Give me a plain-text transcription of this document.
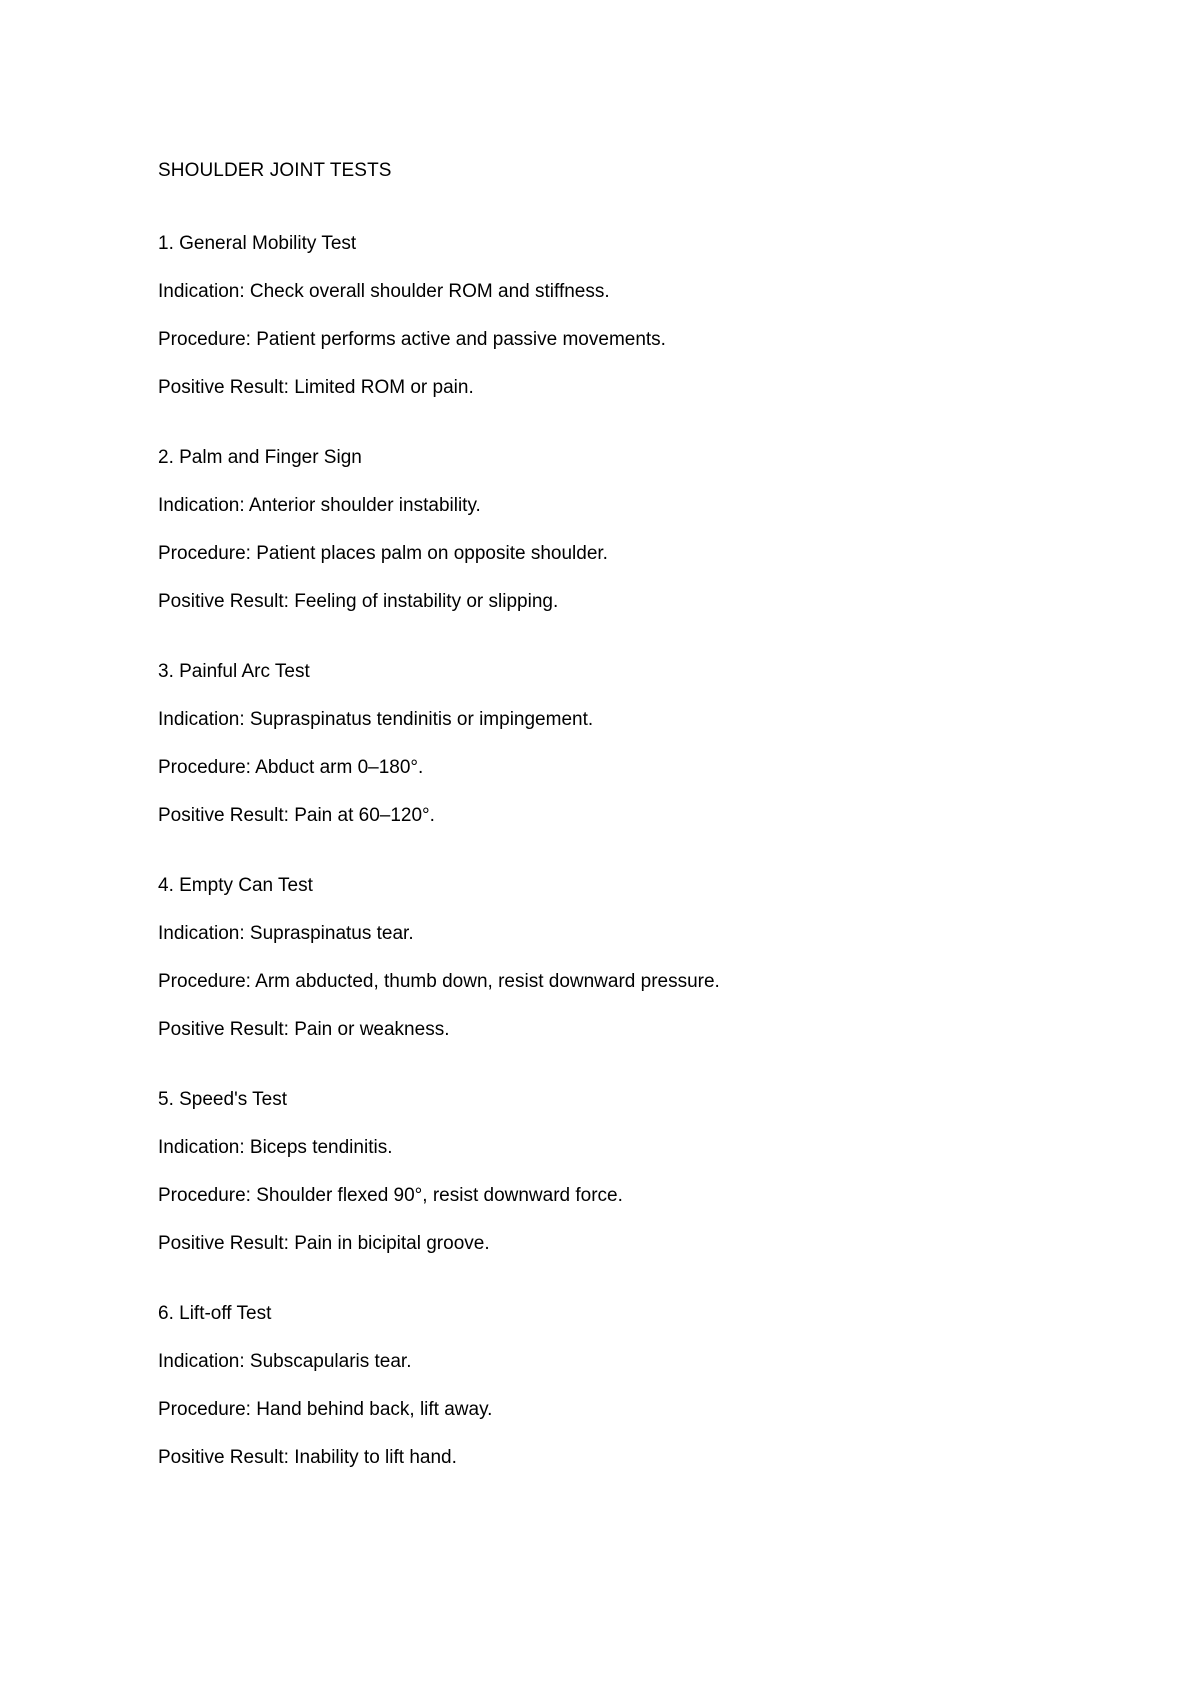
SHOULDER JOINT TESTS
1. General Mobility Test
Indication: Check overall shoulder ROM and stiffness.
Procedure: Patient performs active and passive movements.
Positive Result: Limited ROM or pain.
2. Palm and Finger Sign
Indication: Anterior shoulder instability.
Procedure: Patient places palm on opposite shoulder.
Positive Result: Feeling of instability or slipping.
3. Painful Arc Test
Indication: Supraspinatus tendinitis or impingement.
Procedure: Abduct arm 0–180°.
Positive Result: Pain at 60–120°.
4. Empty Can Test
Indication: Supraspinatus tear.
Procedure: Arm abducted, thumb down, resist downward pressure.
Positive Result: Pain or weakness.
5. Speed's Test
Indication: Biceps tendinitis.
Procedure: Shoulder flexed 90°, resist downward force.
Positive Result: Pain in bicipital groove.
6. Lift-off Test
Indication: Subscapularis tear.
Procedure: Hand behind back, lift away.
Positive Result: Inability to lift hand.
